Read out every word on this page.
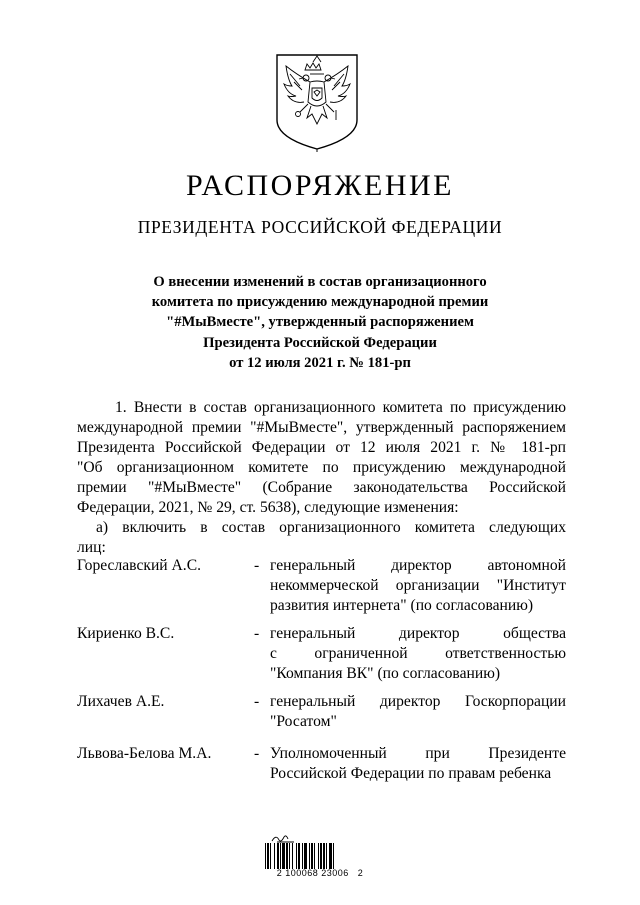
РАСПОРЯЖЕНИЕ
ПРЕЗИДЕНТА РОССИЙСКОЙ ФЕДЕРАЦИИ
О внесении изменений в состав организационного
комитета по присуждению международной премии
"#МыВместе", утвержденный распоряжением
Президента Российской Федерации
от 12 июля 2021 г. № 181-рп
1. Внести в состав организационного комитета по присуждению
международной премии "#МыВместе", утвержденный распоряжением
Президента Российской Федерации от 12 июля 2021 г. № 181-рп
"Об организационном комитете по присуждению международной
премии "#МыВместе" (Собрание законодательства Российской
Федерации, 2021, № 29, ст. 5638), следующие изменения:
а) включить в состав организационного комитета следующих
лиц:
Гореславский А.С.	- генеральный директор автономной
некоммерческой организации "Институт
развития интернета" (по согласованию)
Кириенко В.С.	- генеральный директор общества
с ограниченной ответственностью
"Компания ВК" (по согласованию)
Лихачев А.Е.	- генеральный директор Госкорпорации
"Росатом"
Львова-Белова М.А.	- Уполномоченный при Президенте
Российской Федерации по правам ребенка
2 100068 23006   2
